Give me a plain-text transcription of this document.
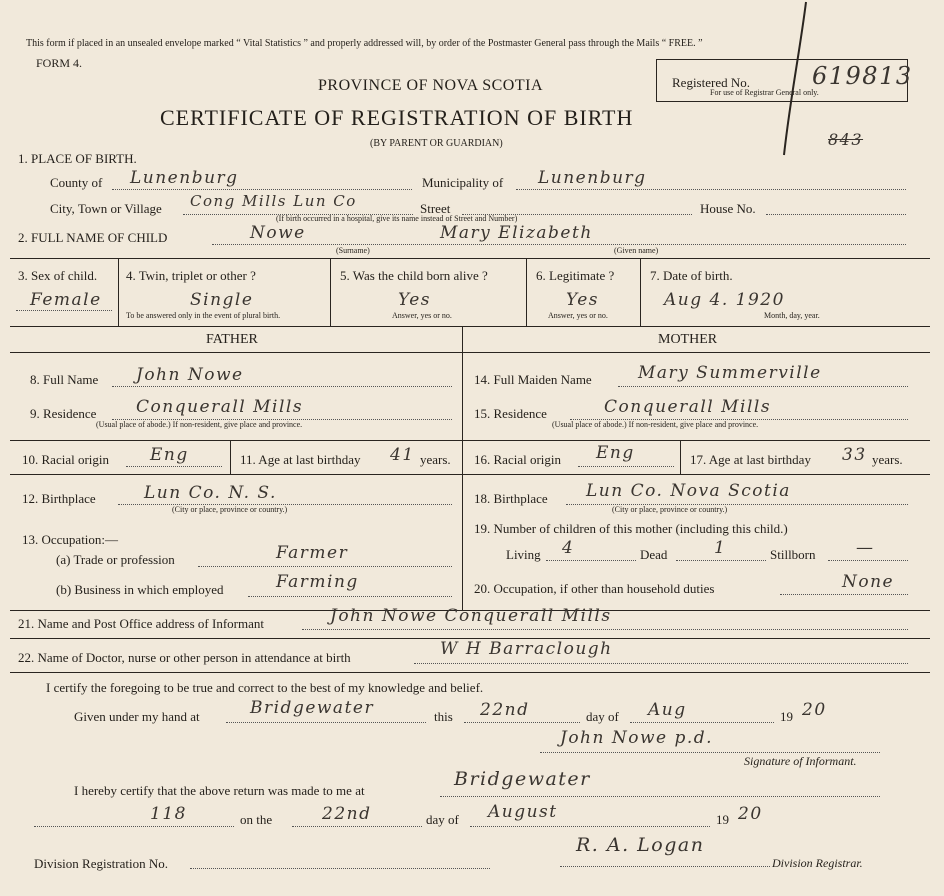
This form if placed in an unsealed envelope marked “ Vital Statistics ” and properly addressed will, by order of the Postmaster General pass through the Mails “ FREE. ”
FORM 4.
PROVINCE OF NOVA SCOTIA
CERTIFICATE OF REGISTRATION OF BIRTH
(BY PARENT OR GUARDIAN)
Registered No.	619813
For use of Registrar General only.
843
1. PLACE OF BIRTH.
County of Lunenburg	Municipality of Lunenburg
City, Town or Village Cong Mills Lun Co	Street	House No.
(If birth occurred in a hospital, give its name instead of Street and Number)
2. FULL NAME OF CHILD	Nowe	Mary Elizabeth
(Surname)	(Given name)
3. Sex of child.
Female
4. Twin, triplet or other ?
Single
To be answered only in the event of plural birth.
5. Was the child born alive ?
Yes
Answer, yes or no.
6. Legitimate ?
Yes
Answer, yes or no.
7. Date of birth.
Aug 4. 1920
Month, day, year.
FATHER	MOTHER
8. Full Name John Nowe
9. Residence Conquerall Mills
(Usual place of abode.) If non-resident, give place and province.
10. Racial origin Eng	11. Age at last birthday 41 years.
12. Birthplace	Lun Co. N. S.
(City or place, province or country.)
13. Occupation:—
(a) Trade or profession	Farmer
(b) Business in which employed	Farming
14. Full Maiden Name	Mary Summerville
15. Residence	Conquerall Mills
(Usual place of abode.) If non-resident, give place and province.
16. Racial origin Eng	17. Age at last birthday 33 years.
18. Birthplace Lun Co. Nova Scotia
(City or place, province or country.)
19. Number of children of this mother (including this child.)
Living 4	Dead	1	Stillborn —
20. Occupation, if other than household duties	None
21. Name and Post Office address of Informant	John Nowe Conquerall Mills
22. Name of Doctor, nurse or other person in attendance at birth	W H Barraclough
I certify the foregoing to be true and correct to the best of my knowledge and belief.
Given under my hand at	Bridgewater	this 22nd	day of Aug	19 20
John Nowe p.d.
Signature of Informant.
I hereby certify that the above return was made to me at
Bridgewater
118	on the	22nd	day of August	19 20
Division Registration No.
R. A. Logan
Division Registrar.
